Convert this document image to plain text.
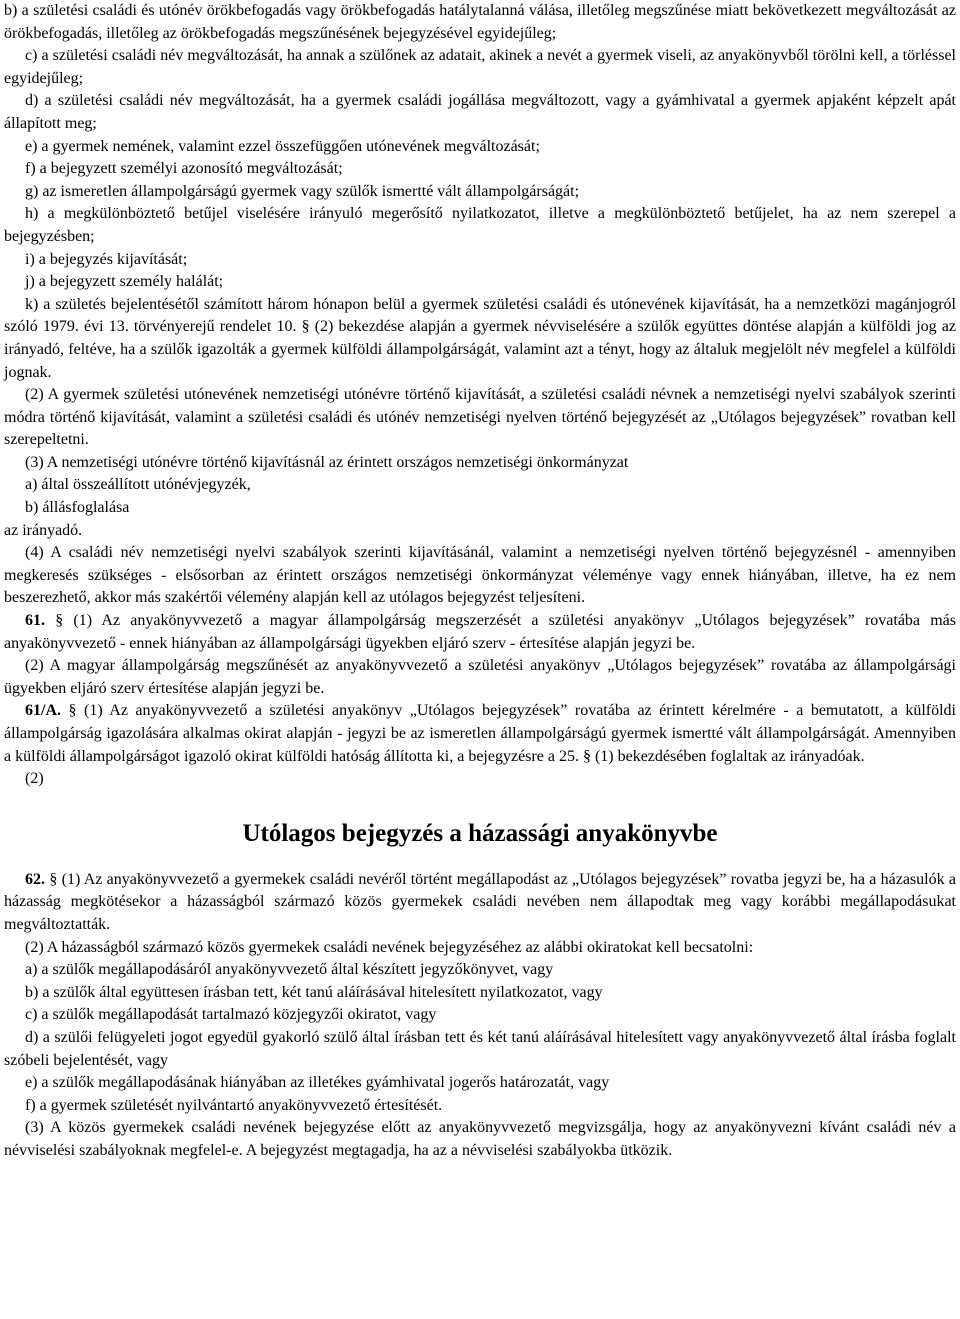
b) a születési családi és utónév örökbefogadás vagy örökbefogadás hatálytalanná válása, illetőleg megszűnése miatt bekövetkezett megváltozását az örökbefogadás, illetőleg az örökbefogadás megszűnésének bejegyzésével egyidejűleg;

c) a születési családi név megváltozását, ha annak a szülőnek az adatait, akinek a nevét a gyermek viseli, az anyakönyvből törölni kell, a törléssel egyidejűleg;

d) a születési családi név megváltozását, ha a gyermek családi jogállása megváltozott, vagy a gyámhivatal a gyermek apjaként képzelt apát állapított meg;

e) a gyermek nemének, valamint ezzel összefüggően utónevének megváltozását;

f) a bejegyzett személyi azonosító megváltozását;

g) az ismeretlen állampolgárságú gyermek vagy szülők ismertté vált állampolgárságát;

h) a megkülönböztető betűjel viselésére irányuló megerősítő nyilatkozatot, illetve a megkülönböztető betűjelet, ha az nem szerepel a bejegyzésben;

i) a bejegyzés kijavítását;

j) a bejegyzett személy halálát;

k) a születés bejelentésétől számított három hónapon belül a gyermek születési családi és utónevének kijavítását, ha a nemzetközi magánjogról szóló 1979. évi 13. törvényerejű rendelet 10. § (2) bekezdése alapján a gyermek névviselésére a szülők együttes döntése alapján a külföldi jog az irányadó, feltéve, ha a szülők igazolták a gyermek külföldi állampolgárságát, valamint azt a tényt, hogy az általuk megjelölt név megfelel a külföldi jognak.

(2) A gyermek születési utónevének nemzetiségi utónévre történő kijavítását, a születési családi névnek a nemzetiségi nyelvi szabályok szerinti módra történő kijavítását, valamint a születési családi és utónév nemzetiségi nyelven történő bejegyzését az „Utólagos bejegyzések” rovatban kell szerepeltetni.

(3) A nemzetiségi utónévre történő kijavításnál az érintett országos nemzetiségi önkormányzat

a) által összeállított utónévjegyzék,

b) állásfoglalása

az irányadó.

(4) A családi név nemzetiségi nyelvi szabályok szerinti kijavításánál, valamint a nemzetiségi nyelven történő bejegyzésnél - amennyiben megkeresés szükséges - elsősorban az érintett országos nemzetiségi önkormányzat véleménye vagy ennek hiányában, illetve, ha ez nem beszerezhető, akkor más szakértői vélemény alapján kell az utólagos bejegyzést teljesíteni.

61. § (1) Az anyakönyvvezető a magyar állampolgárság megszerzését a születési anyakönyv „Utólagos bejegyzések” rovatába más anyakönyvvezető - ennek hiányában az állampolgársági ügyekben eljáró szerv - értesítése alapján jegyzi be.

(2) A magyar állampolgárság megszűnését az anyakönyvvezető a születési anyakönyv „Utólagos bejegyzések” rovatába az állampolgársági ügyekben eljáró szerv értesítése alapján jegyzi be.

61/A. § (1) Az anyakönyvvezető a születési anyakönyv „Utólagos bejegyzések” rovatába az érintett kérelmére - a bemutatott, a külföldi állampolgárság igazolására alkalmas okirat alapján - jegyzi be az ismeretlen állampolgárságú gyermek ismertté vált állampolgárságát. Amennyiben a külföldi állampolgárságot igazoló okirat külföldi hatóság állította ki, a bejegyzésre a 25. § (1) bekezdésében foglaltak az irányadóak.

(2)

Utólagos bejegyzés a házassági anyakönyvbe

62. § (1) Az anyakönyvvezető a gyermekek családi nevéről történt megállapodást az „Utólagos bejegyzések” rovatba jegyzi be, ha a házasulók a házasság megkötésekor a házasságból származó közös gyermekek családi nevében nem állapodtak meg vagy korábbi megállapodásukat megváltoztatták.

(2) A házasságból származó közös gyermekek családi nevének bejegyzéséhez az alábbi okiratokat kell becsatolni:

a) a szülők megállapodásáról anyakönyvvezető által készített jegyzőkönyvet, vagy

b) a szülők által együttesen írásban tett, két tanú aláírásával hitelesített nyilatkozatot, vagy

c) a szülők megállapodását tartalmazó közjegyzői okiratot, vagy

d) a szülői felügyeleti jogot egyedül gyakorló szülő által írásban tett és két tanú aláírásával hitelesített vagy anyakönyvvezető által írásba foglalt szóbeli bejelentését, vagy

e) a szülők megállapodásának hiányában az illetékes gyámhivatal jogerős határozatát, vagy

f) a gyermek születését nyilvántartó anyakönyvvezető értesítését.

(3) A közös gyermekek családi nevének bejegyzése előtt az anyakönyvvezető megvizsgálja, hogy az anyakönyvezni kívánt családi név a névviselési szabályoknak megfelel-e. A bejegyzést megtagadja, ha az a névviselési szabályokba ütközik.
